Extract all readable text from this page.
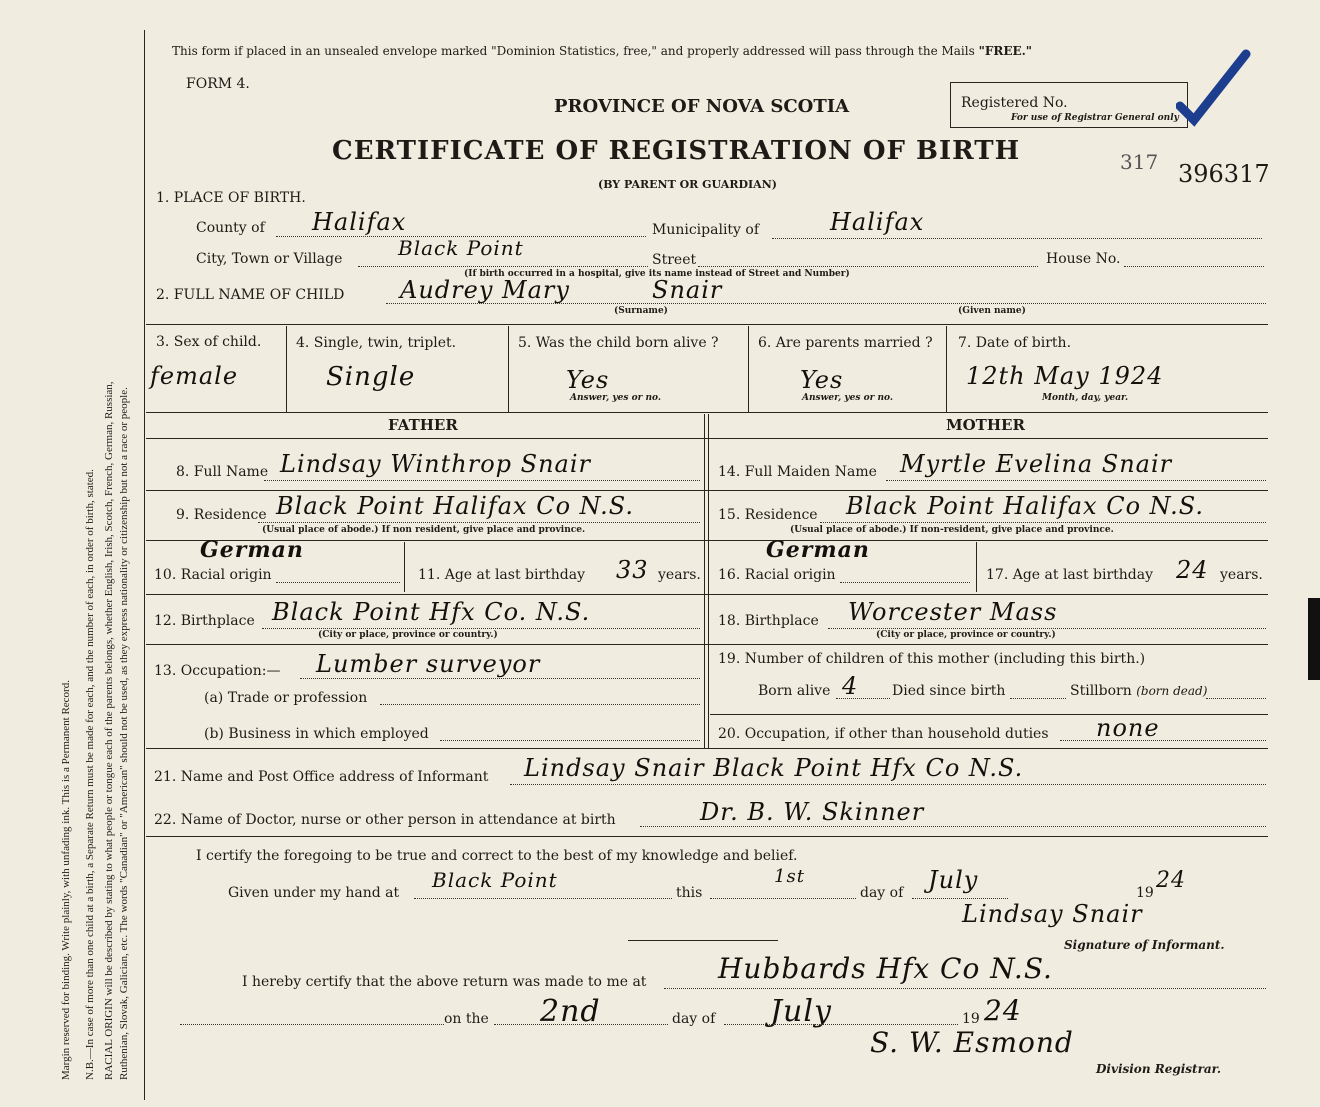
Margin reserved for binding. Write plainly, with unfading ink. This is a Permanent Record. N.B.—In case of more than one child at a birth, a Separate Return must be made for each, and the number of each, in order of birth, stated. RACIAL ORIGIN will be described by stating to what people or tongue each of the parents belongs, whether English, Irish, Scotch, French, German, Russian, Ruthenian, Slovak, Galician, etc. The words "Canadian" or "American" should not be used, as they express nationality or citizenship but not a race or people.
This form if placed in an unsealed envelope marked "Dominion Statistics, free," and properly addressed will pass through the Mails "FREE."
FORM 4.
PROVINCE OF NOVA SCOTIA
CERTIFICATE OF REGISTRATION OF BIRTH
(BY PARENT OR GUARDIAN)
Registered No.
For use of Registrar General only
317 396317
1. PLACE OF BIRTH.
County of Halifax	Municipality of	Halifax
City, Town or Village	Black Point	Street	House No.
(If birth occurred in a hospital, give its name instead of Street and Number)
2. FULL NAME OF CHILD Audrey Mary	Snair
(Surname)	(Given name)
3. Sex of child.
female
4. Single, twin, triplet.
Single
5. Was the child born alive ?
Yes
Answer, yes or no.
6. Are parents married ?
Yes
Answer, yes or no.
7. Date of birth.
12th May 1924
Month, day, year.
FATHER	MOTHER
8. Full Name Lindsay Winthrop Snair	14. Full Maiden Name Myrtle Evelina Snair
9. Residence Black Point Halifax Co N.S.
(Usual place of abode.) If non resident, give place and province.
15. Residence Black Point Halifax Co N.S.
(Usual place of abode.) If non-resident, give place and province.
German
10. Racial origin	11. Age at last birthday 33 years.
German
16. Racial origin	17. Age at last birthday 24 years.
12. Birthplace Black Point Hfx Co. N.S.
(City or place, province or country.)
18. Birthplace Worcester Mass
(City or place, province or country.)
13. Occupation:— Lumber surveyor
(a) Trade or profession
(b) Business in which employed
19. Number of children of this mother (including this birth.)
Born alive 4 Died since birth	Stillborn (born dead)
20. Occupation, if other than household duties none
21. Name and Post Office address of Informant Lindsay Snair Black Point Hfx Co N.S.
22. Name of Doctor, nurse or other person in attendance at birth	Dr. B. W. Skinner
I certify the foregoing to be true and correct to the best of my knowledge and belief.
Given under my hand at
Black Point
this
1st
day of July	19 24
Lindsay Snair
Signature of Informant.
I hereby certify that the above return was made to me at	Hubbards Hfx Co N.S.
on the 2nd	day of July	19 24
S. W. Esmond
Division Registrar.
